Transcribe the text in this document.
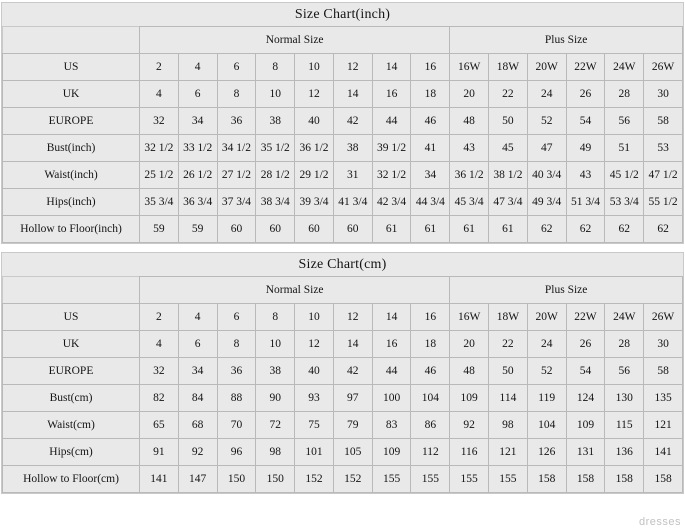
Size Chart(inch)
	Normal Size								Plus Size					
US	2	4	6	8	10	12	14	16	16W	18W	20W	22W	24W	26W
UK	4	6	8	10	12	14	16	18	20	22	24	26	28	30
EUROPE	32	34	36	38	40	42	44	46	48	50	52	54	56	58
Bust(inch)	32 1/2	33 1/2	34 1/2	35 1/2	36 1/2	38	39 1/2	41	43	45	47	49	51	53
Waist(inch)	25 1/2	26 1/2	27 1/2	28 1/2	29 1/2	31	32 1/2	34	36 1/2	38 1/2	40 3/4	43	45 1/2	47 1/2
Hips(inch)	35 3/4	36 3/4	37 3/4	38 3/4	39 3/4	41 3/4	42 3/4	44 3/4	45 3/4	47 3/4	49 3/4	51 3/4	53 3/4	55 1/2
Hollow to Floor(inch)	59	59	60	60	60	60	61	61	61	61	62	62	62	62
Size Chart(cm)
	Normal Size								Plus Size					
US	2	4	6	8	10	12	14	16	16W	18W	20W	22W	24W	26W
UK	4	6	8	10	12	14	16	18	20	22	24	26	28	30
EUROPE	32	34	36	38	40	42	44	46	48	50	52	54	56	58
Bust(cm)	82	84	88	90	93	97	100	104	109	114	119	124	130	135
Waist(cm)	65	68	70	72	75	79	83	86	92	98	104	109	115	121
Hips(cm)	91	92	96	98	101	105	109	112	116	121	126	131	136	141
Hollow to Floor(cm)	141	147	150	150	152	152	155	155	155	155	158	158	158	158
dresses
